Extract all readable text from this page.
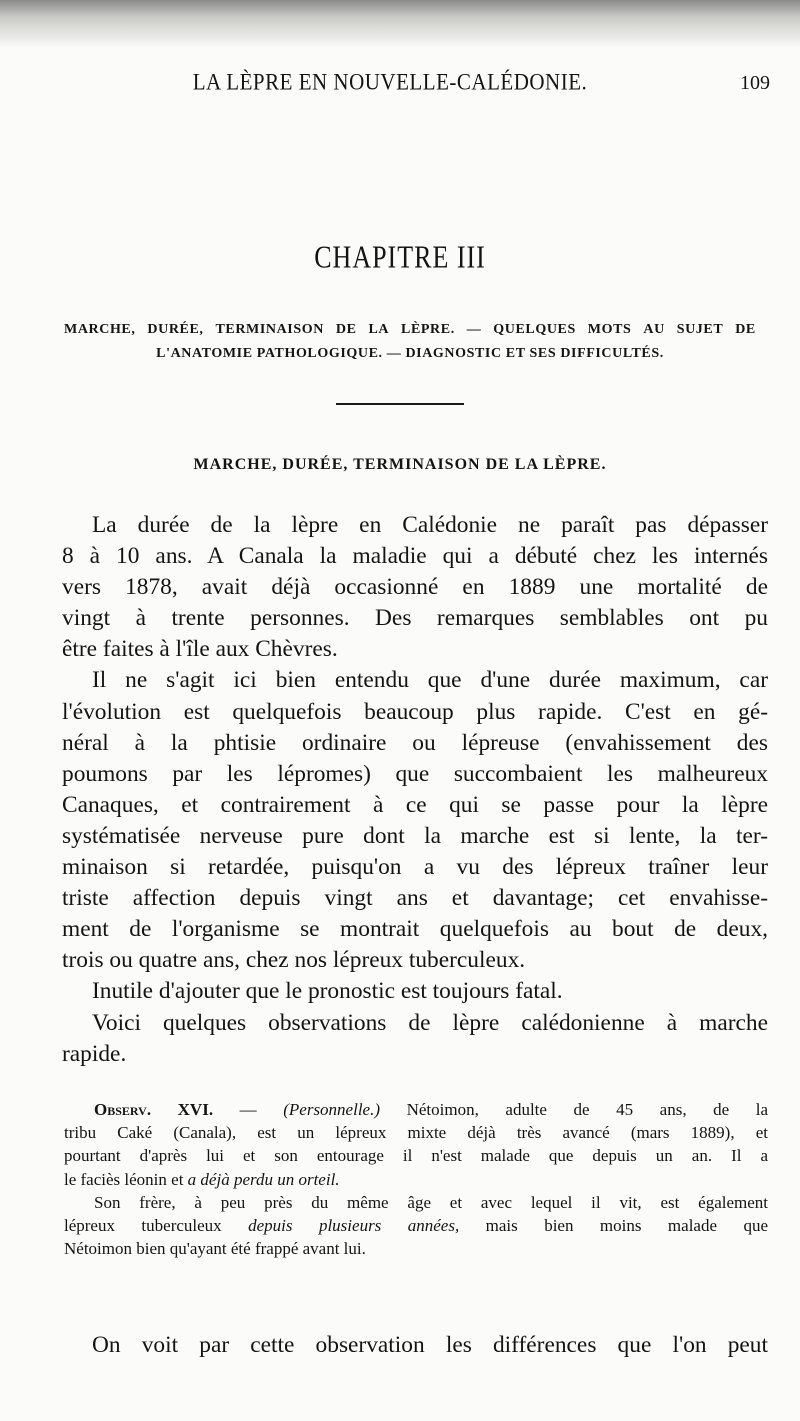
LA LÈPRE EN NOUVELLE-CALÉDONIE.	109
CHAPITRE III
MARCHE, DURÉE, TERMINAISON DE LA LÈPRE. — QUELQUES MOTS AU SUJET DE
L'ANATOMIE PATHOLOGIQUE. — DIAGNOSTIC ET SES DIFFICULTÉS.
MARCHE, DURÉE, TERMINAISON DE LA LÈPRE.
La durée de la lèpre en Calédonie ne paraît pas dépasser
8 à 10 ans. A Canala la maladie qui a débuté chez les internés
vers 1878, avait déjà occasionné en 1889 une mortalité de
vingt à trente personnes. Des remarques semblables ont pu
être faites à l'île aux Chèvres.
Il ne s'agit ici bien entendu que d'une durée maximum, car
l'évolution est quelquefois beaucoup plus rapide. C'est en gé-
néral à la phtisie ordinaire ou lépreuse (envahissement des
poumons par les lépromes) que succombaient les malheureux
Canaques, et contrairement à ce qui se passe pour la lèpre
systématisée nerveuse pure dont la marche est si lente, la ter-
minaison si retardée, puisqu'on a vu des lépreux traîner leur
triste affection depuis vingt ans et davantage; cet envahisse-
ment de l'organisme se montrait quelquefois au bout de deux,
trois ou quatre ans, chez nos lépreux tuberculeux.
Inutile d'ajouter que le pronostic est toujours fatal.
Voici quelques observations de lèpre calédonienne à marche
rapide.
Observ. XVI. — (Personnelle.) Nétoimon, adulte de 45 ans, de la
tribu Caké (Canala), est un lépreux mixte déjà très avancé (mars 1889), et
pourtant d'après lui et son entourage il n'est malade que depuis un an. Il a
le faciès léonin et a déjà perdu un orteil.
Son frère, à peu près du même âge et avec lequel il vit, est également
lépreux tuberculeux depuis plusieurs années, mais bien moins malade que
Nétoimon bien qu'ayant été frappé avant lui.
On voit par cette observation les différences que l'on peut
